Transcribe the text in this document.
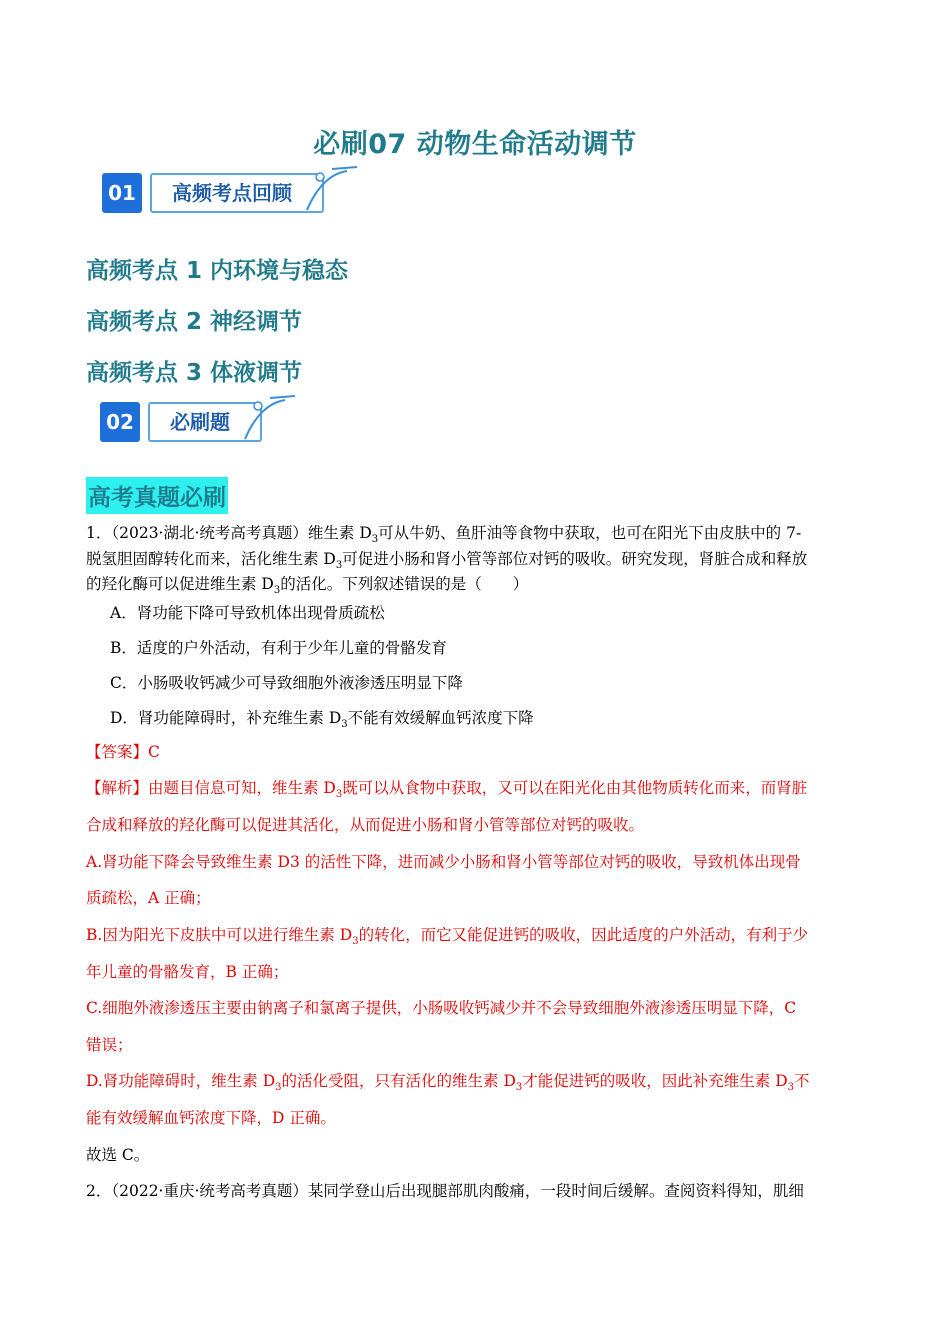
必刷07 动物生命活动调节
01	高频考点回顾
高频考点 1 内环境与稳态
高频考点 2 神经调节
高频考点 3 体液调节
02	必刷题
高考真题必刷
1．（2023·湖北·统考高考真题）维生素 $D_3$可从牛奶、鱼肝油等食物中获取，也可在阳光下由皮肤中的 7-
脱氢胆固醇转化而来，活化维生素 $D_3$可促进小肠和肾小管等部位对钙的吸收。研究发现，肾脏合成和释放
的羟化酶可以促进维生素 $D_3$的活化。下列叙述错误的是（　　）
A．肾功能下降可导致机体出现骨质疏松
B．适度的户外活动，有利于少年儿童的骨骼发育
C．小肠吸收钙减少可导致细胞外液渗透压明显下降
D．肾功能障碍时，补充维生素 $D_3$不能有效缓解血钙浓度下降
【答案】C
【解析】由题目信息可知，维生素 $D_3$既可以从食物中获取，又可以在阳光化由其他物质转化而来，而肾脏
合成和释放的羟化酶可以促进其活化，从而促进小肠和肾小管等部位对钙的吸收。
A.肾功能下降会导致维生素 D3 的活性下降，进而减少小肠和肾小管等部位对钙的吸收，导致机体出现骨
质疏松，A 正确；
B.因为阳光下皮肤中可以进行维生素 $D_3$的转化，而它又能促进钙的吸收，因此适度的户外活动，有利于少
年儿童的骨骼发育，B 正确；
C.细胞外液渗透压主要由钠离子和氯离子提供，小肠吸收钙减少并不会导致细胞外液渗透压明显下降，C
错误；
D.肾功能障碍时，维生素 $D_3$的活化受阻，只有活化的维生素 $D_3$才能促进钙的吸收，因此补充维生素 $D_3$不
能有效缓解血钙浓度下降，D 正确。
故选 C。
2．（2022·重庆·统考高考真题）某同学登山后出现腿部肌肉酸痛，一段时间后缓解。查阅资料得知，肌细
